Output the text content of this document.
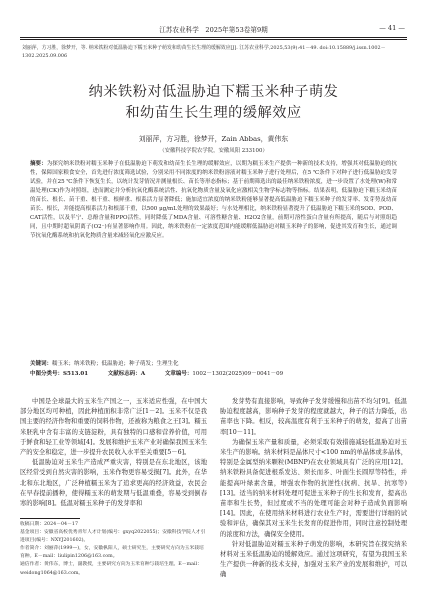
江苏农业科学　2025年第53卷第9期	— 41 —
刘丽萍，方习胜，徐梦开，等. 纳米铁粉对低温胁迫下糯玉米种子萌发和幼苗生长生理的缓解效应[J]. 江苏农业科学,2025,53(9):41－49. doi:10.15889/j.issn.1002－1302.2025.09.006
纳米铁粉对低温胁迫下糯玉米种子萌发
和幼苗生长生理的缓解效应
刘丽萍，方习胜，徐梦开，Zain Abbas，黄伟东
（安徽科技学院农学院，安徽凤阳 233100）
摘要：为探究纳米铁粉对糯玉米种子在低温胁迫下萌发和幼苗生长生理的缓解效应，以期为糯玉米生产提供一种新的技术支持，增强其对低温胁迫的抗性，保障国家粮食安全，首先进行浓度筛选试验，分别采用不同浓度的纳米铁粉溶液对糯玉米种子进行处理后，在5 ℃条件下对种子进行低温胁迫发芽试验，并在25 ℃条件下恢复生长，以统计发芽情况并测量根长、苗长等形态指标；基于前期筛选出的最佳纳米铁粉浓度，进一步设置了水处理(W)和常温处理(CK)作为对照组，进而测定并分析抗氧化酶系统活性、抗氧化物质含量及氧化应激相关生物学标志物等指标。结果表明，低温胁迫下糯玉米幼苗的苗长、根长、苗干重、根干重、根鲜重、根系活力显著降低；施加适宜浓度的纳米铁粉能够显著提高低温胁迫下糯玉米种子的发芽率、发芽势及幼苗苗长、根长，并能提高根系活力和根部干重，以500 μg/mL处理的效果最好；与水处理相比，纳米铁粉显著提升了低温胁迫下糯玉米的SOD、POD、CAT活性，以及半宁、总酚含量和PPO活性，同时降低了MDA含量、可溶性糖含量、H2O2含量，前期可溶性蛋白含量有所提高，随后与对照组趋同，且中期时超氧阴离子(O2⁻)有显著影响作用。因此，纳米铁粉在一定浓度范围内能缓解低温胁迫对糯玉米种子的影响，促进其发育和生长，通过调节抗氧化酶系统和抗氧化物质含量来减轻氧化应激反应。
关键词：糯玉米；纳米铁粉；低温胁迫；种子萌发；生理生化
中图分类号：S513.01	文献标志码：A	文章编号：1002－1302(2025)09－0041－09

中国是全球最大的玉米生产国之一，玉米适应性强，在中国大部分地区均可种植，因此种植面积非常广泛[1－2]。玉米不仅是我国主要的经济作物和重要的饲料作物，还被称为粮食之王[3]。糯玉米胚乳中含有丰富的支链淀粉，具有独特的口感和营养价值，可用于鲜食和轻工业等领域[4]。发展和维护玉米产业对确保我国玉米生产的安全和稳定，进一步提升农民收入水平至关重要[5－6]。

低温胁迫对玉米生产造成严重灾害，特别是在东北地区，该地区经常受到自然灾害的影响，玉米作物更容易受损[7]。此外，在华北和东北地区，广泛种植糯玉米为了追求更高的经济效益，农民会在早春提前播种，使得糯玉米的萌发期与低温重叠，容易受到倒春寒的影响[8]。低温对糯玉米种子的发芽率和

发芽势有直接影响，导致种子发芽缓慢和出苗不均匀[9]。低温胁迫程度越高，影响种子发芽的程度就越大，种子的活力降低，出苗率也下降。相反，较高温度有利于玉米种子的萌发，提高了出苗率[10－11]。

为确保玉米产量和质量，必须采取有效措施减轻低温胁迫对玉米生产的影响。纳米材料是晶体尺寸<100 nm的单晶体或多晶体，特别是金属型纳米颗粒(MBNP)在农业领域具有广泛的应用[12]。纳米铁粉具备促进根系发达、须长而多、叶面生长圆厚等特性，并能提高叶绿素含量，增强农作物的抗逆性(抗病、抗旱、抗寒等)[13]。适当的纳米材料处理可促进玉米种子的生长和发育，提高出苗率和生长势，但过度或不当的处理可能会对种子造成负面影响[14]。因此，在使用纳米材料进行农业生产时，需要进行详细的试验和评估，确保其对玉米生长发育的促进作用，同时注意控制处理的浓度和方法，确保安全使用。

针对低温胁迫对糯玉米种子萌发的影响，本研究旨在探究纳米材料对玉米低温胁迫的缓解效应。通过这项研究，有望为我国玉米生产提供一种新的技术支持，加强对玉米产业的发展和维护，可以确

收稿日期：2024－04－17
基金项目：安徽省高校优秀青年人才计划(编号：gxyq2022055)；安徽科技学院人才引进项目(编号：NXYJ201602)。
作者简介：刘丽萍(1999—)，女，安徽枞阳人，硕士研究生，主要研究方向为玉米栽培育种。E－mail：liulipin1206@163.com。
通信作者：黄伟东，博士，副教授，主要研究方向为玉米育种与栽培生理。E－mail：weidong1064@163.com。
